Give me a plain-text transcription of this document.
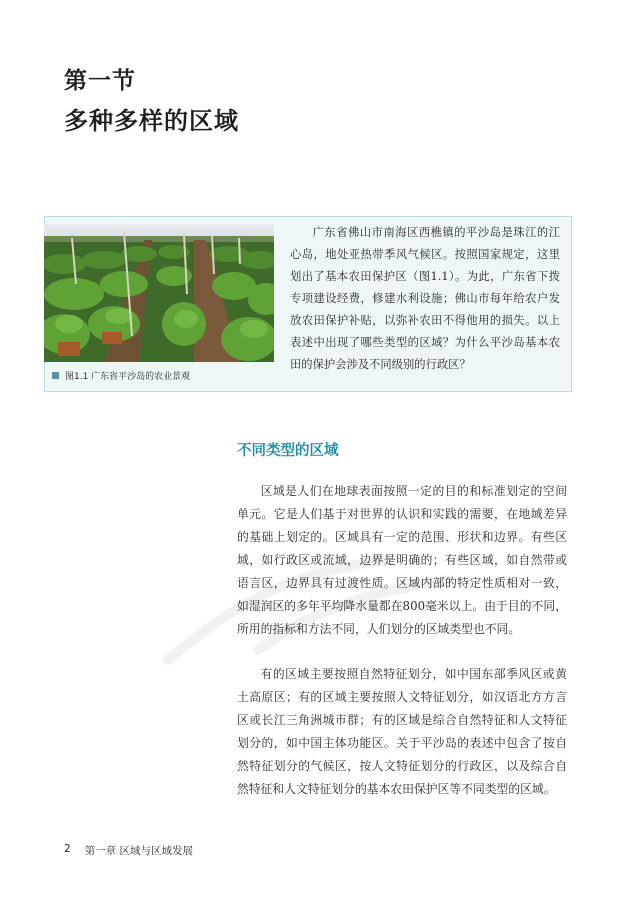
第一节
多种多样的区域
图1.1 广东省平沙岛的农业景观

广东省佛山市南海区西樵镇的平沙岛是珠江的江心岛，地处亚热带季风气候区。按照国家规定，这里划出了基本农田保护区（图1.1）。为此，广东省下拨专项建设经费，修建水利设施；佛山市每年给农户发放农田保护补贴，以弥补农田不得他用的损失。以上表述中出现了哪些类型的区域？为什么平沙岛基本农田的保护会涉及不同级别的行政区？

不同类型的区域

区域是人们在地球表面按照一定的目的和标准划定的空间单元。它是人们基于对世界的认识和实践的需要，在地域差异的基础上划定的。区域具有一定的范围、形状和边界。有些区域，如行政区或流域，边界是明确的；有些区域，如自然带或语言区，边界具有过渡性质。区域内部的特定性质相对一致，如湿润区的多年平均降水量都在800毫米以上。由于目的不同，所用的指标和方法不同，人们划分的区域类型也不同。

有的区域主要按照自然特征划分，如中国东部季风区或黄土高原区；有的区域主要按照人文特征划分，如汉语北方方言区或长江三角洲城市群；有的区域是综合自然特征和人文特征划分的，如中国主体功能区。关于平沙岛的表述中包含了按自然特征划分的气候区，按人文特征划分的行政区，以及综合自然特征和人文特征划分的基本农田保护区等不同类型的区域。

2 第一章 区域与区域发展
